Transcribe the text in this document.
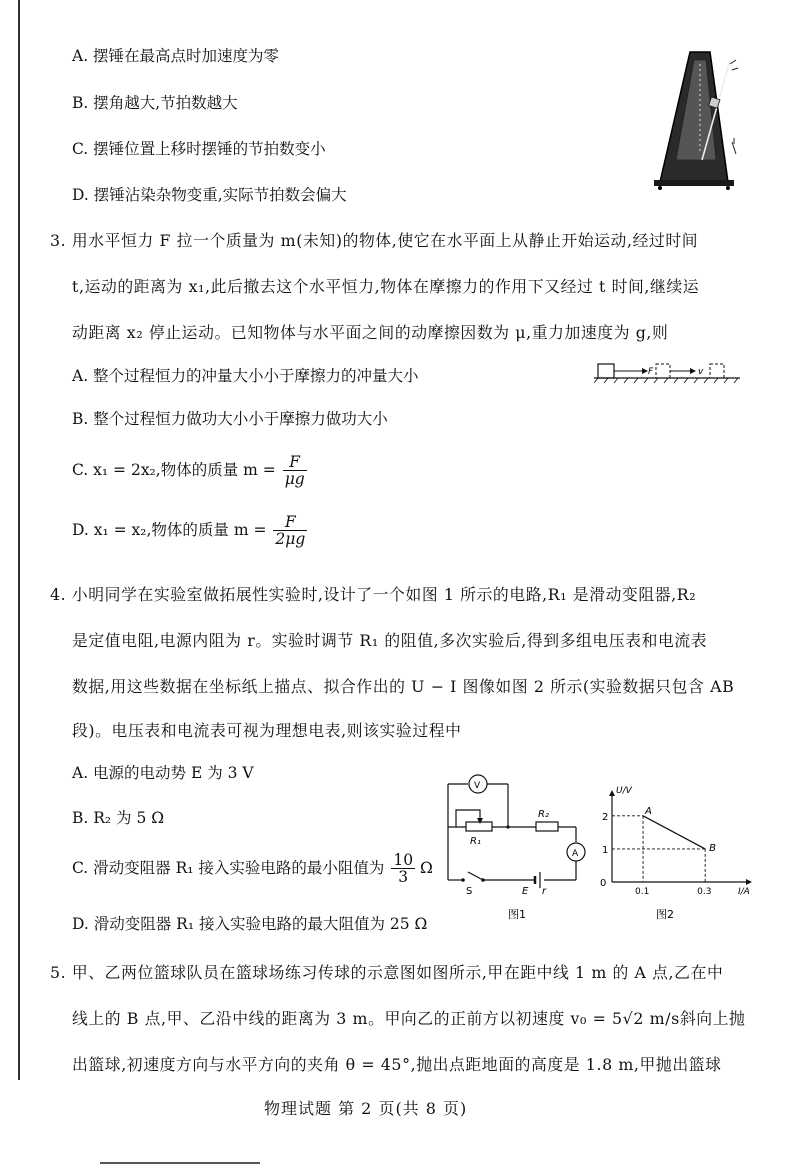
A. 摆锤在最高点时加速度为零
B. 摆角越大,节拍数越大
C. 摆锤位置上移时摆锤的节拍数变小
D. 摆锤沾染杂物变重,实际节拍数会偏大
3. 用水平恒力 F 拉一个质量为 m(未知)的物体,使它在水平面上从静止开始运动,经过时间
t,运动的距离为 x₁,此后撤去这个水平恒力,物体在摩擦力的作用下又经过 t 时间,继续运
动距离 x₂ 停止运动。已知物体与水平面之间的动摩擦因数为 μ,重力加速度为 g,则
A. 整个过程恒力的冲量大小小于摩擦力的冲量大小
B. 整个过程恒力做功大小小于摩擦力做功大小
C. x₁ = 2x₂,物体的质量 $m = \frac{F}{\mu g}$
D. x₁ = x₂,物体的质量 $m = \frac{F}{2\mu g}$
F	v
4. 小明同学在实验室做拓展性实验时,设计了一个如图 1 所示的电路,R₁ 是滑动变阻器,R₂
是定值电阻,电源内阻为 r。实验时调节 R₁ 的阻值,多次实验后,得到多组电压表和电流表
数据,用这些数据在坐标纸上描点、拟合作出的 U − I 图像如图 2 所示(实验数据只包含 AB
段)。电压表和电流表可视为理想电表,则该实验过程中
A. 电源的电动势 E 为 3 V
B. R₂ 为 5 Ω
C. 滑动变阻器 R₁ 接入实验电路的最小阻值为 $\frac{10}{3}$ Ω
D. 滑动变阻器 R₁ 接入实验电路的最大阻值为 25 Ω
V
A
R₁
R₂
S	E r
图1
U/V
I/A
0
图2
1
2
0.1	0.3
A
B
5. 甲、乙两位篮球队员在篮球场练习传球的示意图如图所示,甲在距中线 1 m 的 A 点,乙在中
线上的 B 点,甲、乙沿中线的距离为 3 m。甲向乙的正前方以初速度 v₀ = 5√2 m/s斜向上抛
出篮球,初速度方向与水平方向的夹角 θ = 45°,抛出点距地面的高度是 1.8 m,甲抛出篮球
物理试题 第 2 页(共 8 页)
